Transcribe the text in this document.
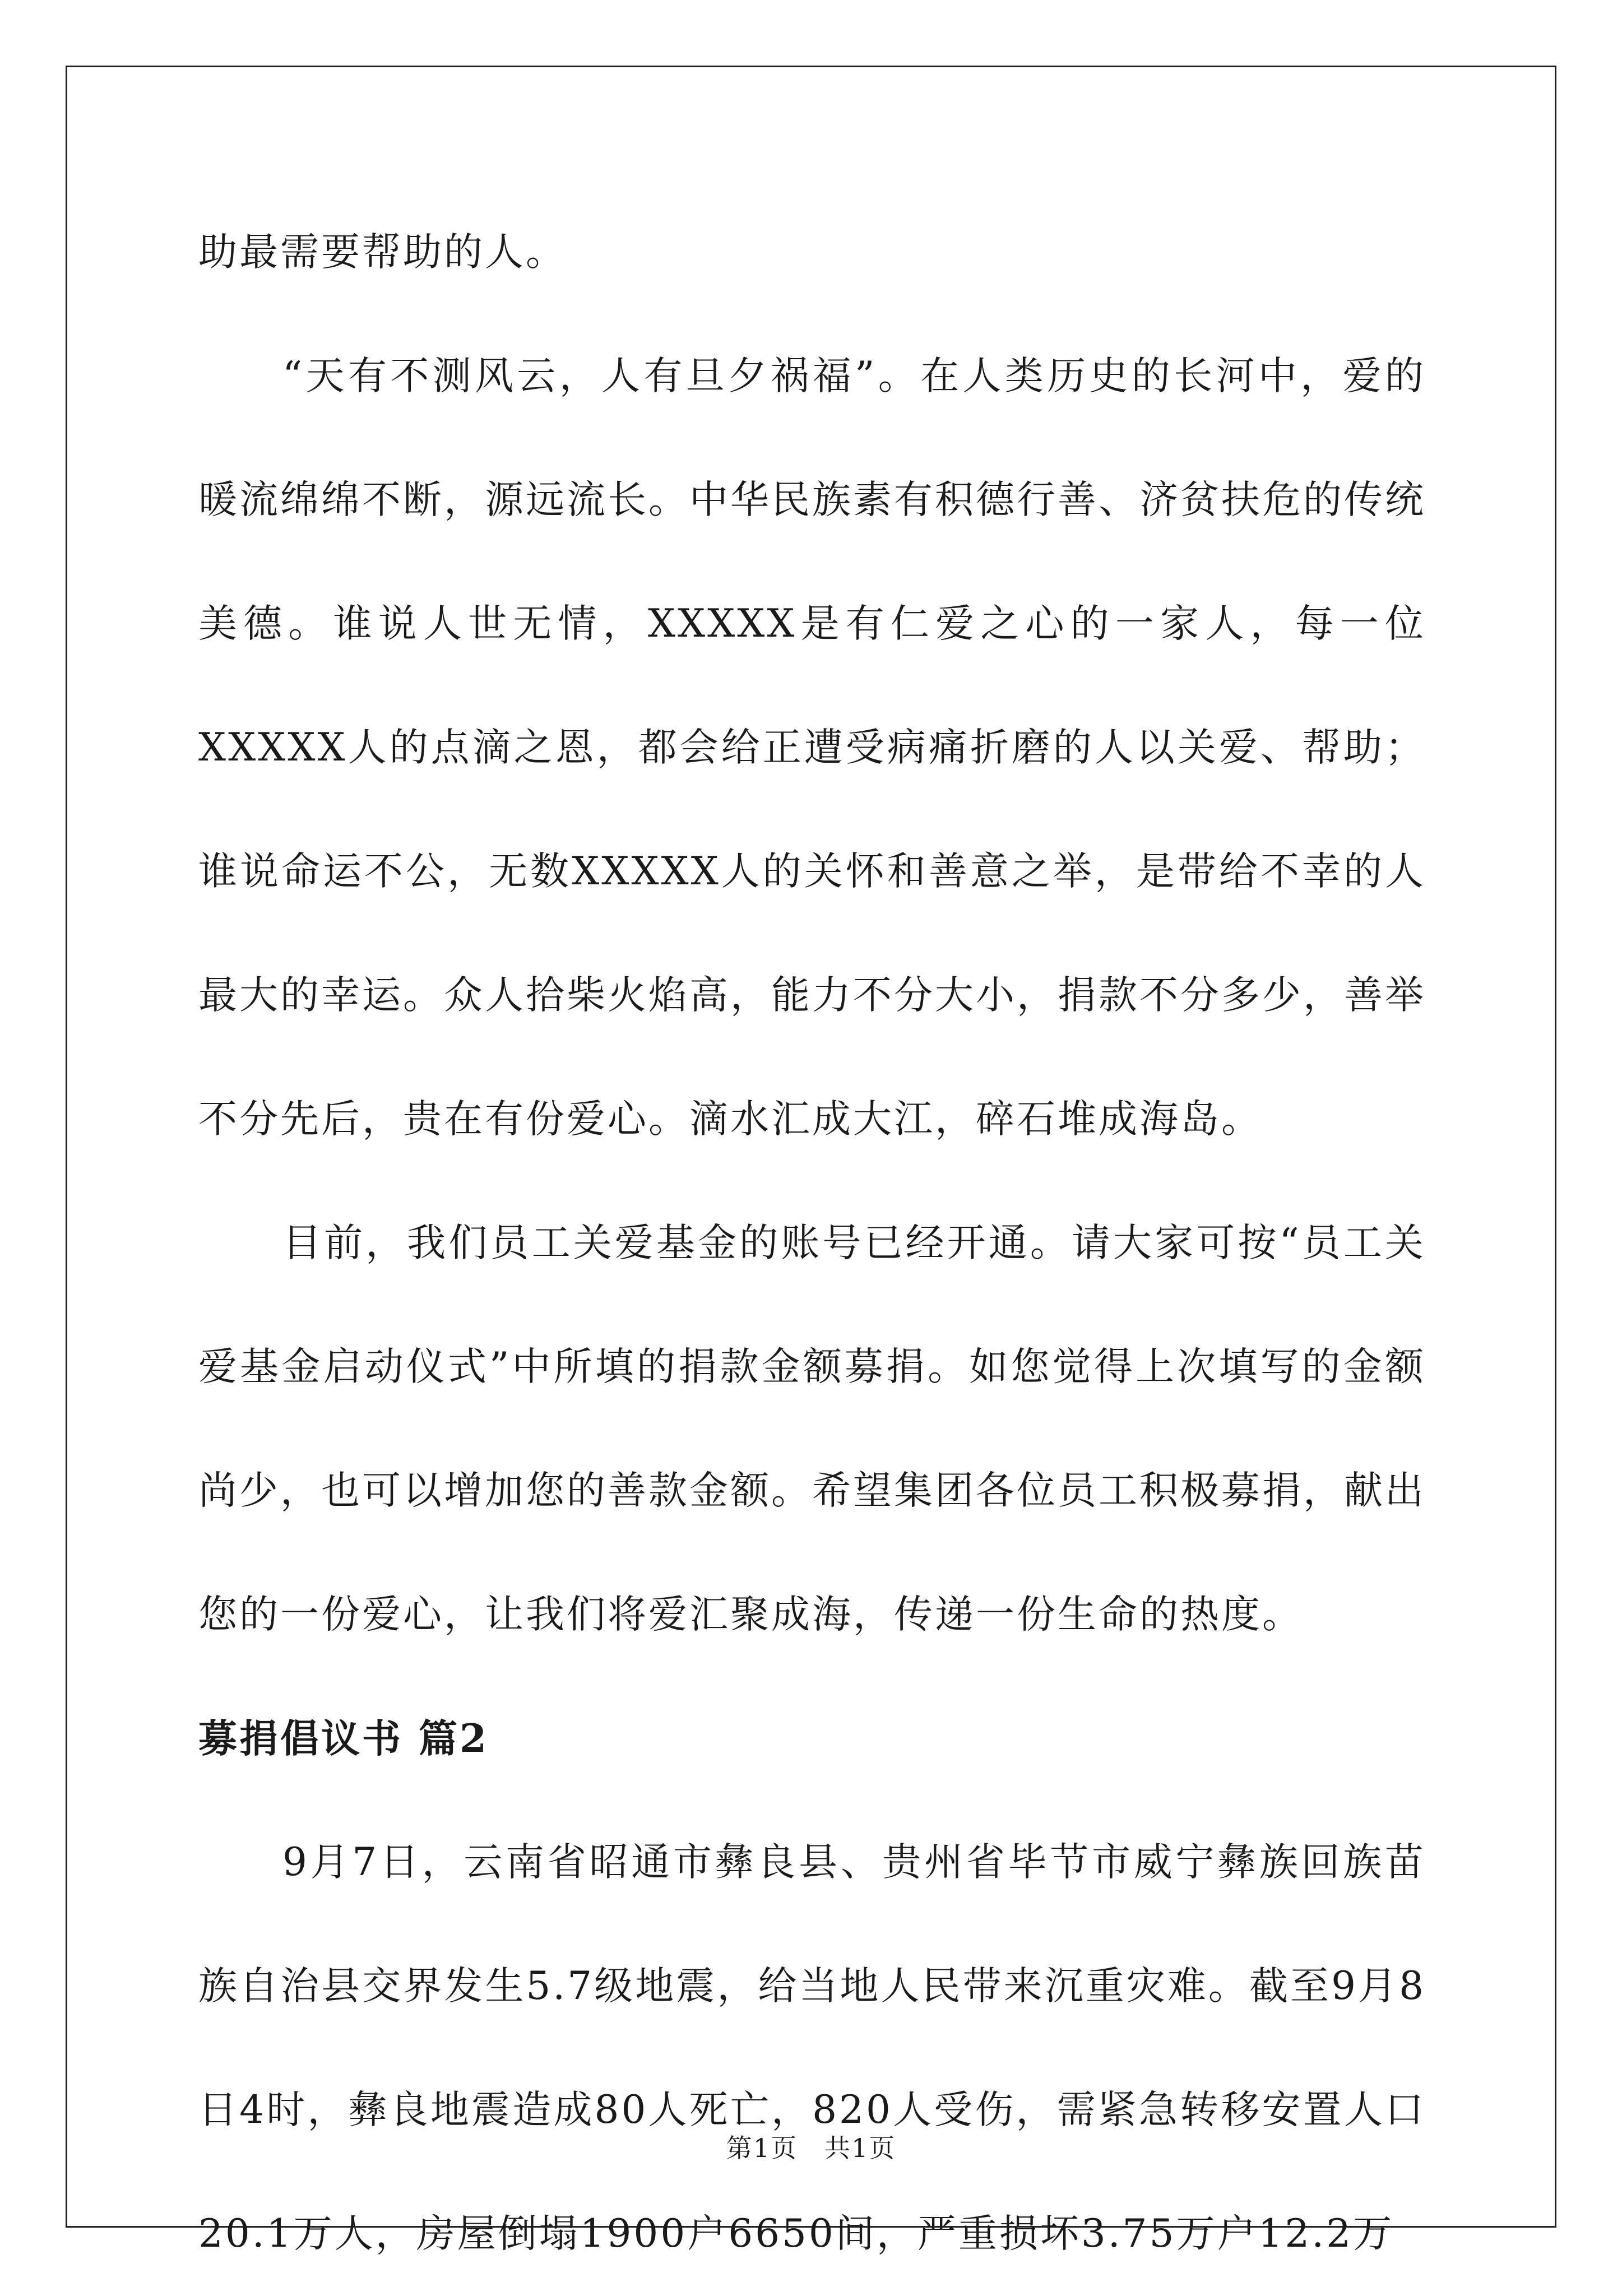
助最需要帮助的人。

“天有不测风云，人有旦夕祸福”。在人类历史的长河中，爱的暖流绵绵不断，源远流长。中华民族素有积德行善、济贫扶危的传统美德。谁说人世无情，XXXXX是有仁爱之心的一家人，每一位XXXXX人的点滴之恩，都会给正遭受病痛折磨的人以关爱、帮助；谁说命运不公，无数XXXXX人的关怀和善意之举，是带给不幸的人最大的幸运。众人拾柴火焰高，能力不分大小，捐款不分多少，善举不分先后，贵在有份爱心。滴水汇成大江，碎石堆成海岛。

目前，我们员工关爱基金的账号已经开通。请大家可按“员工关爱基金启动仪式”中所填的捐款金额募捐。如您觉得上次填写的金额尚少，也可以增加您的善款金额。希望集团各位员工积极募捐，献出您的一份爱心，让我们将爱汇聚成海，传递一份生命的热度。

募捐倡议书 篇2

9月7日，云南省昭通市彝良县、贵州省毕节市威宁彝族回族苗族自治县交界发生5.7级地震，给当地人民带来沉重灾难。截至9月8日4时，彝良地震造成80人死亡，820人受伤，需紧急转移安置人口20.1万人，房屋倒塌1900户6650间，严重损坏3.75万户12.2万

第1页　共1页
